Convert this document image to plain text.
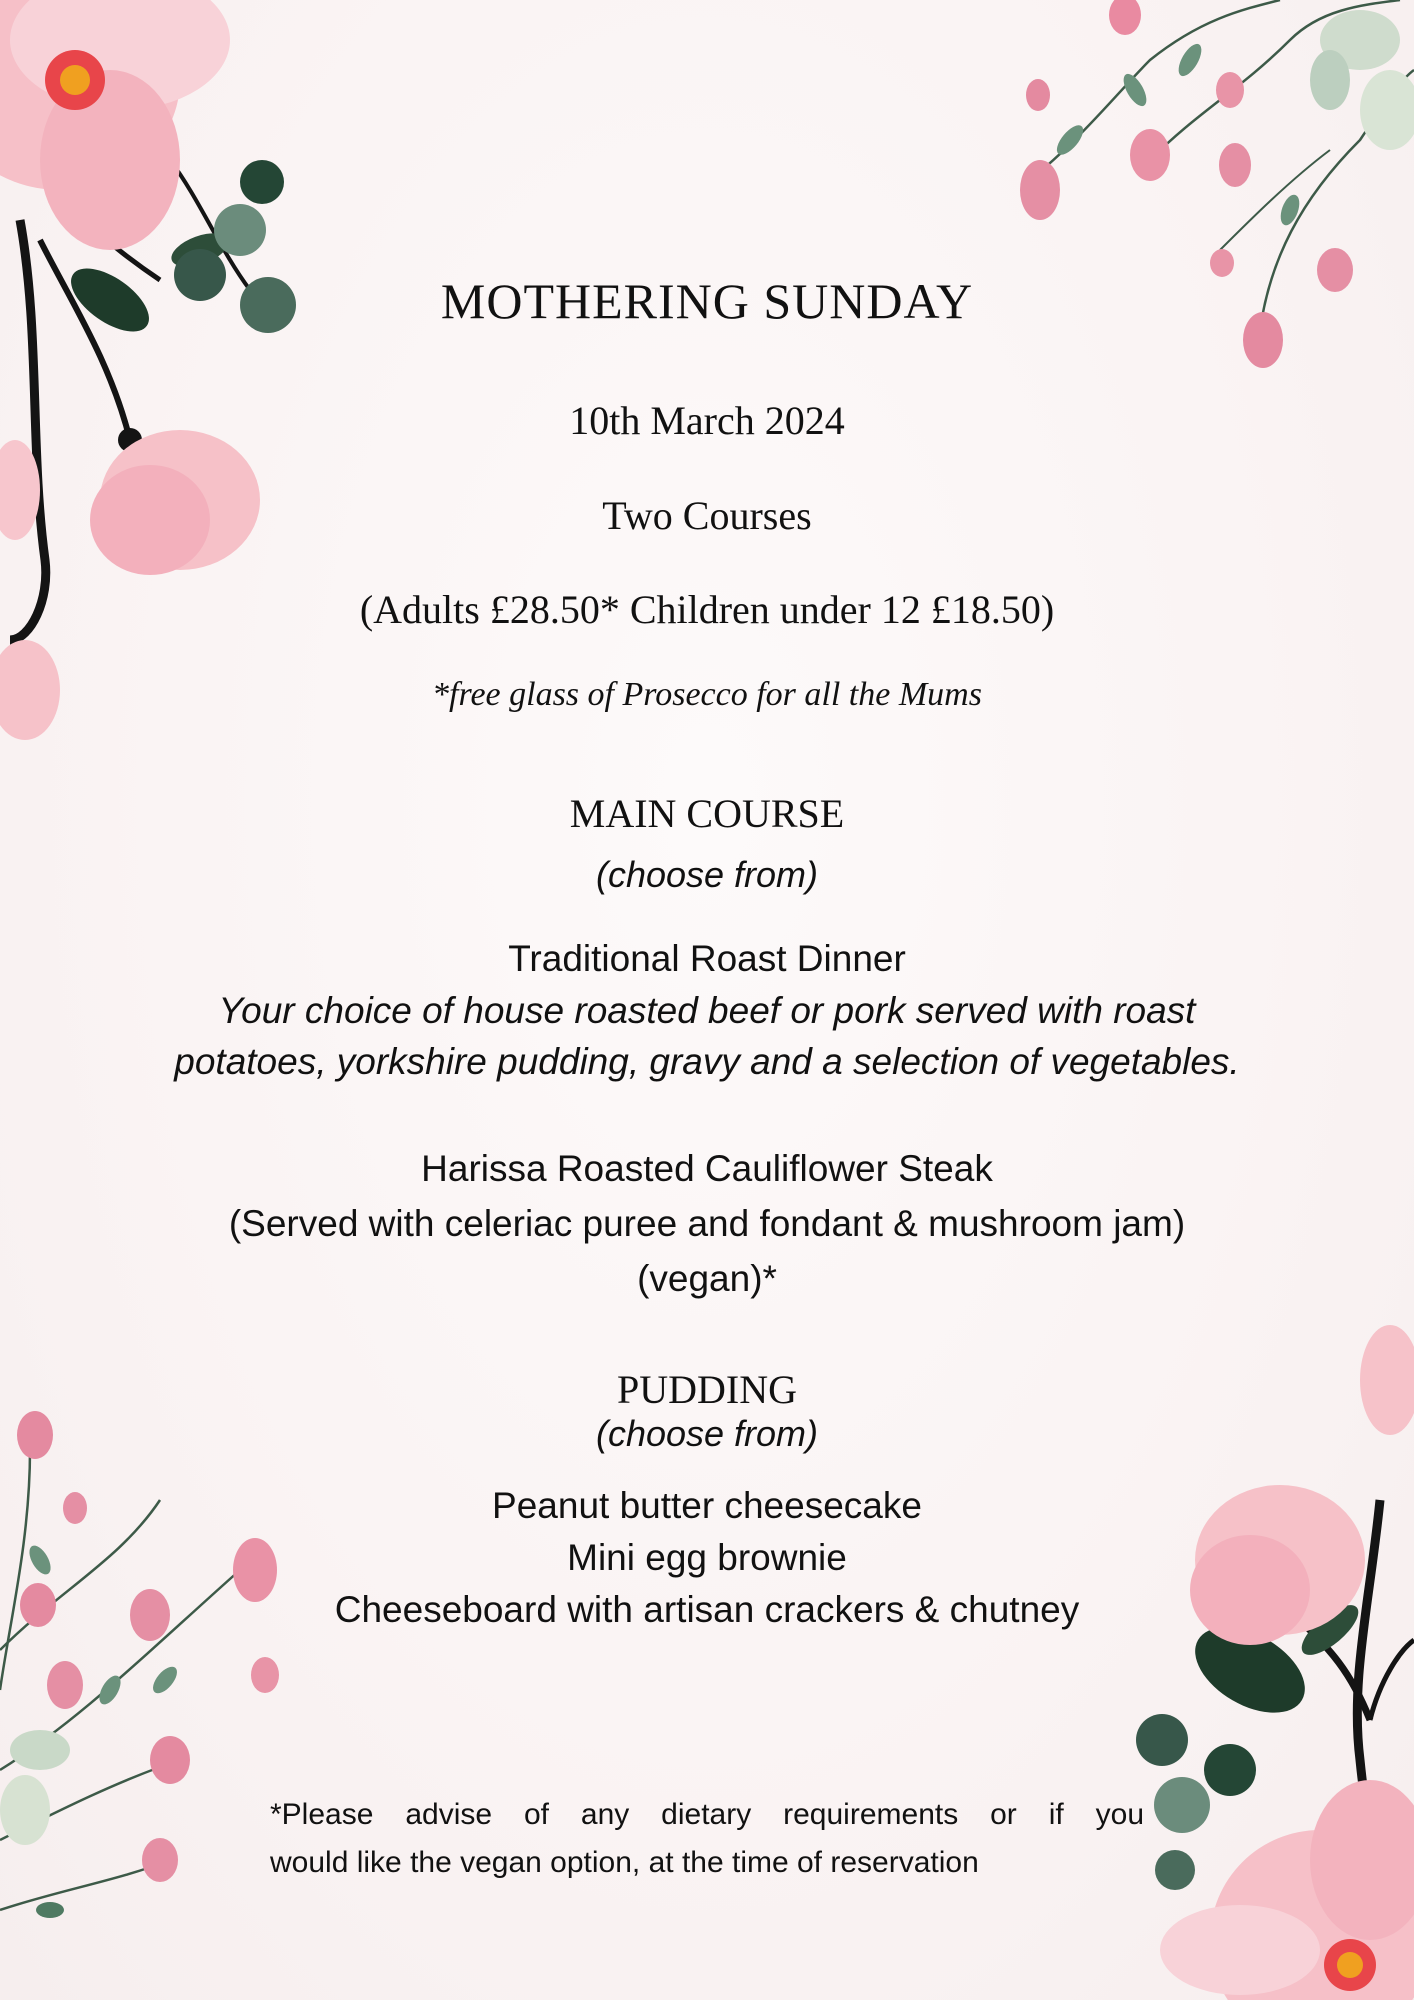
MOTHERING SUNDAY
10th March 2024
Two Courses
(Adults £28.50* Children under 12 £18.50)
*free glass of Prosecco for all the Mums
MAIN COURSE
(choose from)
Traditional Roast Dinner
Your choice of house roasted beef or pork served with roast
potatoes, yorkshire pudding, gravy and a selection of vegetables.
Harissa Roasted Cauliflower Steak
(Served with celeriac puree and fondant & mushroom jam)
(vegan)*
PUDDING
(choose from)
Peanut butter cheesecake
Mini egg brownie
Cheeseboard with artisan crackers & chutney
*Please advise of any dietary requirements or if you
would like the vegan option, at the time of reservation
